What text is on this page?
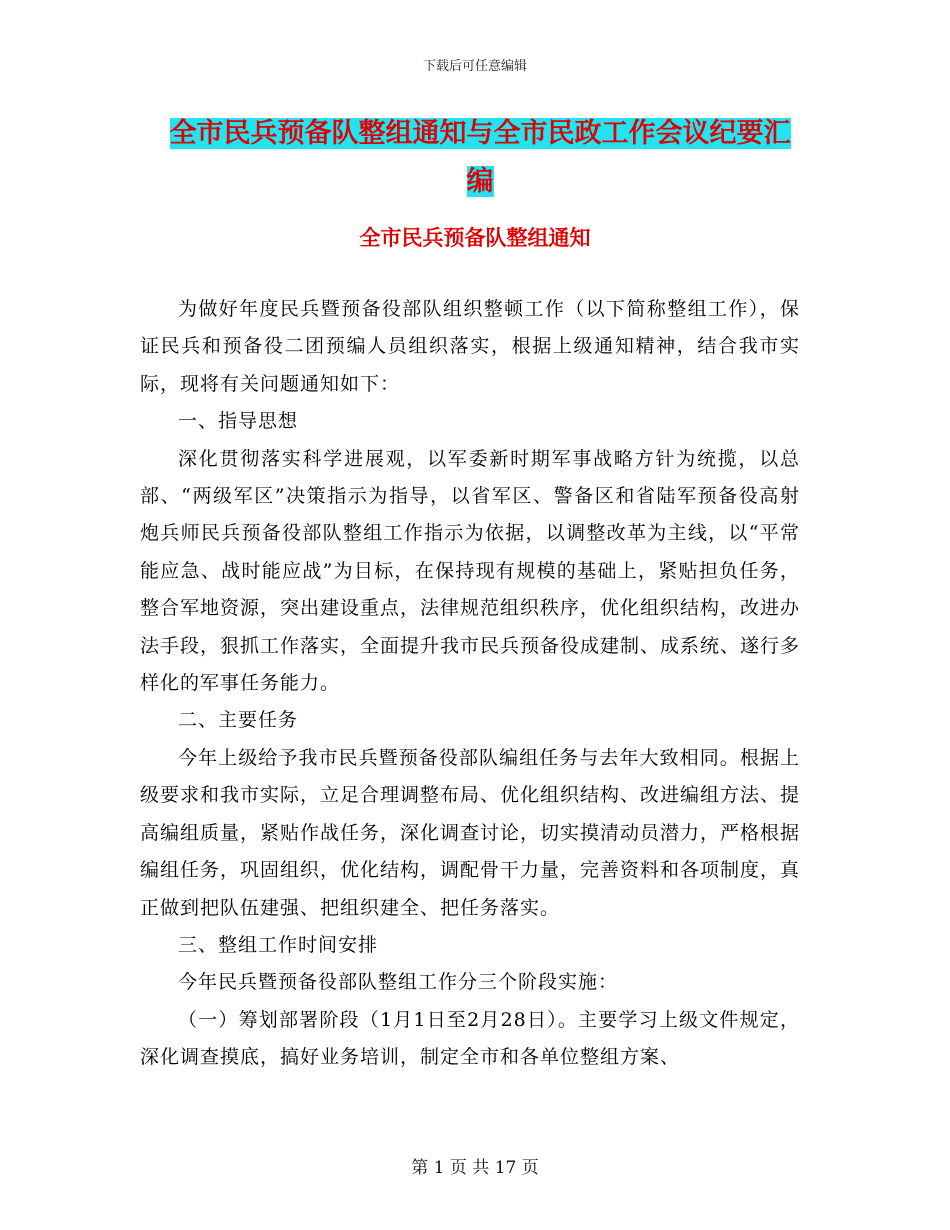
下载后可任意编辑
全市民兵预备队整组通知与全市民政工作会议纪要汇
编
全市民兵预备队整组通知

为做好年度民兵暨预备役部队组织整顿工作（以下简称整组工作），保证民兵和预备役二团预编人员组织落实，根据上级通知精神，结合我市实际，现将有关问题通知如下：

一、指导思想

深化贯彻落实科学进展观，以军委新时期军事战略方针为统揽，以总部、“两级军区”决策指示为指导，以省军区、警备区和省陆军预备役高射炮兵师民兵预备役部队整组工作指示为依据，以调整改革为主线，以“平常能应急、战时能应战”为目标，在保持现有规模的基础上，紧贴担负任务，整合军地资源，突出建设重点，法律规范组织秩序，优化组织结构，改进办法手段，狠抓工作落实，全面提升我市民兵预备役成建制、成系统、遂行多样化的军事任务能力。

二、主要任务

今年上级给予我市民兵暨预备役部队编组任务与去年大致相同。根据上级要求和我市实际，立足合理调整布局、优化组织结构、改进编组方法、提高编组质量，紧贴作战任务，深化调查讨论，切实摸清动员潜力，严格根据编组任务，巩固组织，优化结构，调配骨干力量，完善资料和各项制度，真正做到把队伍建强、把组织建全、把任务落实。

三、整组工作时间安排

今年民兵暨预备役部队整组工作分三个阶段实施：

（一）筹划部署阶段（1月1日至2月28日）。主要学习上级文件规定，深化调查摸底，搞好业务培训，制定全市和各单位整组方案、

第 1 页 共 17 页
